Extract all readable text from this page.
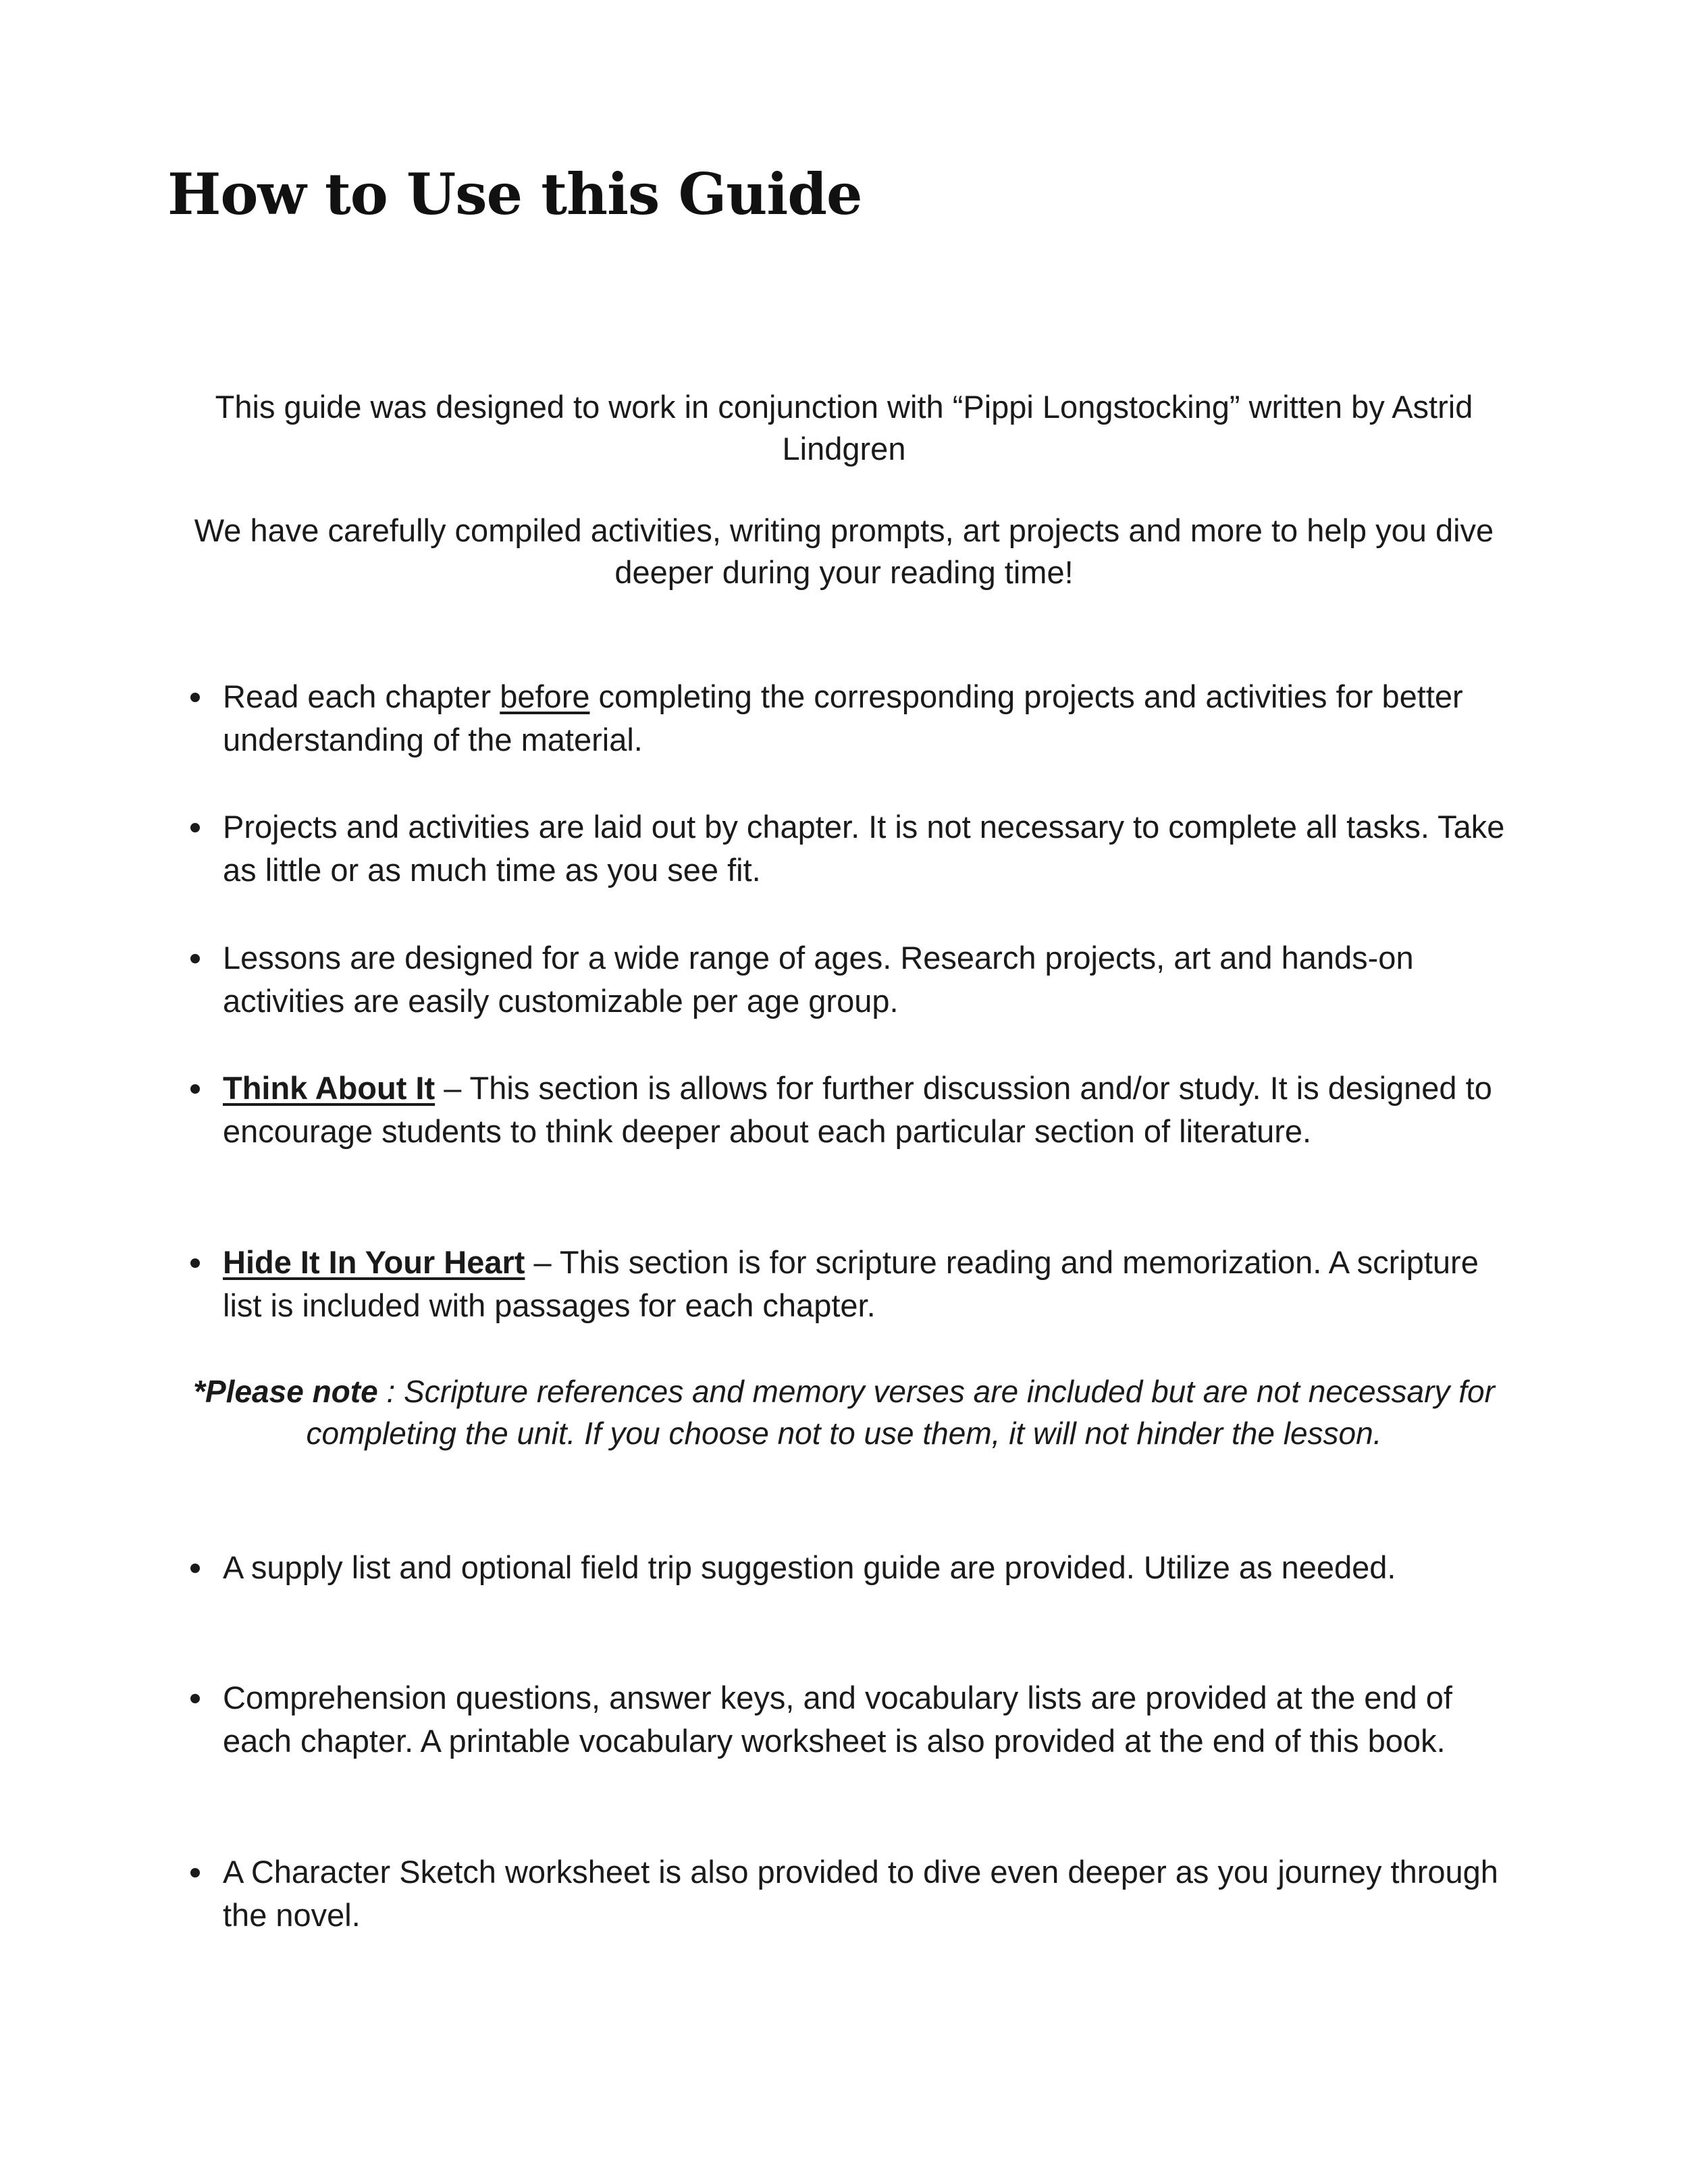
How to Use this Guide

This guide was designed to work in conjunction with “Pippi Longstocking” written by Astrid Lindgren

We have carefully compiled activities, writing prompts, art projects and more to help you dive deeper during your reading time!

Read each chapter before completing the corresponding projects and activities for better understanding of the material.
Projects and activities are laid out by chapter. It is not necessary to complete all tasks. Take as little or as much time as you see fit.
Lessons are designed for a wide range of ages. Research projects, art and hands-on activities are easily customizable per age group.
Think About It – This section is allows for further discussion and/or study. It is designed to encourage students to think deeper about each particular section of literature.
Hide It In Your Heart – This section is for scripture reading and memorization. A scripture list is included with passages for each chapter.

*Please note : Scripture references and memory verses are included but are not necessary for completing the unit. If you choose not to use them, it will not hinder the lesson.

A supply list and optional field trip suggestion guide are provided. Utilize as needed.
Comprehension questions, answer keys, and vocabulary lists are provided at the end of each chapter. A printable vocabulary worksheet is also provided at the end of this book.
A Character Sketch worksheet is also provided to dive even deeper as you journey through the novel.
